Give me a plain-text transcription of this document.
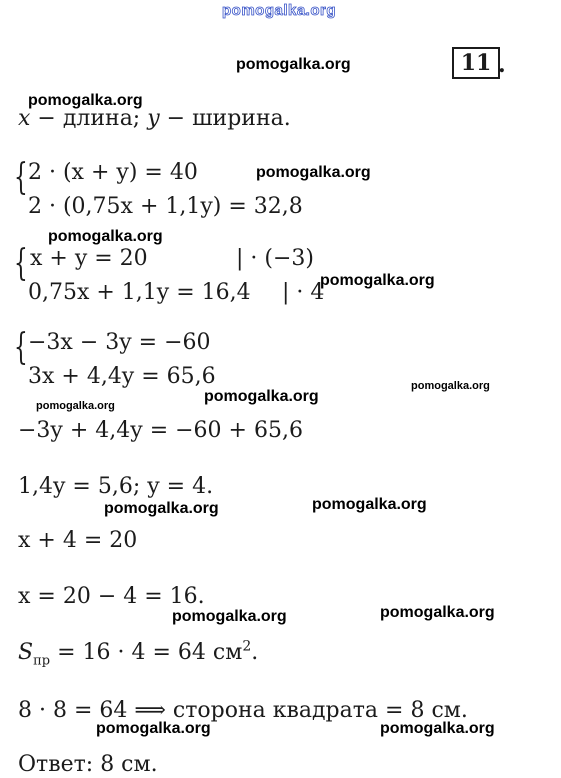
pomogalka.org
pomogalka.org
pomogalka.org
pomogalka.org
pomogalka.org
pomogalka.org
pomogalka.org
pomogalka.org
pomogalka.org
pomogalka.org
pomogalka.org
pomogalka.org
pomogalka.org
pomogalka.org	pomogalka.org
11 .
x − длина; y − ширина.
{ 2 · (x + y) = 40
2 · (0,75x + 1,1y) = 32,8
{ x + y = 20	| · (−3)
0,75x + 1,1y = 16,4 | · 4
{ −3x − 3y = −60
3x + 4,4y = 65,6
−3y + 4,4y = −60 + 65,6
1,4y = 5,6; y = 4.
x + 4 = 20
x = 20 − 4 = 16.
$S_{пр} = 16 \cdot 4 = 64$ $см^2$.
8 · 8 = 64 ⟹ сторона квадрата = 8 см.
Ответ: 8 см.
